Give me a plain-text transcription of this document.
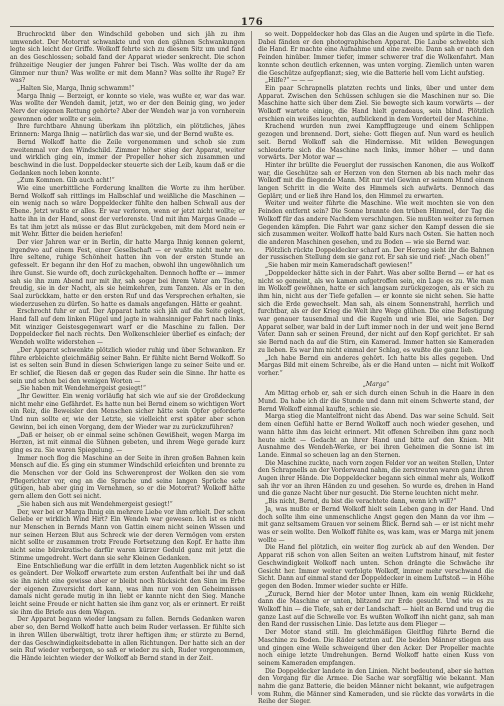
176

Bruchrocktd über den Windschild geboben und sich jäh zu ihm umwendet. Der Motorrat schwankte und von den gähnen Schwankungen legte sich leicht der Griffe. Wolkoff fehrte sich zu diesem Sitz um und fand an des Geschlossen; sobald fand der Apparat wieder senkrecht. Die schon frühzeitige Neugier der jungen Fahrer bei Tisch. Was wollte der da am Gimmer nur thun? Was wollte er mit dem Mann? Was sollte ihr Ruge? Er was?

„Halten Sie, Marga, Ihnig schwamm!“

Marga Ihnig — Berzeigt, er konnte so viele, was wußte er, war das war. Was wollte der Wendeh damit, jetzt, wo er der den Beinig ging, wo jeder Nerv der eigenen Rettung gehörte? Aber der Wendeh war ja von vornherein gewonnen oder wollte er sein.

Ihre furchtbare Ahnung überkam ihn plötzlich, ein plötzliches, jähes Erinnern: Marga Ihnig — natürlich das war sie, und der Bernd wußte es.

Bernd Wolkoff hatte die Zeile vorgenommen und schob sie zum zweitenmal vor den Windschild. Zimmer höher stieg der Apparat, weiter und wirklich ging ein, immer der Propeller hoher sich zusammen und beschwind in die lust. Doppeldecker steuerte sich der Leib, kaum daß er die Gedanken noch leben konnte.

„Zum Kommen. Gib auch acht!“

Wie eine unerbittliche Forderung knallten die Worte zu ihm herüber. Bernd Wolkoff sah rittlings im Halbschlaf und weißliche die Maschinen — ein wenig nach so wäre Doppeldecker fühlte den halben Schwall aus der Ebene. Jetzt wußte er alles. Er war verloren, wenn er jetzt nicht wollte; er hatte ihn in der Hand, sonst der verlorenste. Und mit ihm Margas Gnade — Es tat ihm jetzt als müsse er das Blut zurückgeben, mit dem Mord nein er mit Wehr. Bitter die beiden heriefen!

Der vier Jahren war er in Berlin, dir hatte Marga Ihnig kennen gelernt, irgendwo auf einem Fest, einer Gesellschaft — er wußte nicht mehr wo. Ihre seltene, ruhige Schönheit hatten ihn von der ersten Stunde an gefesselt. Er begann ihr den Hof zu machen, obwohl ihn ungewöhnlich um ihre Gunst. Sie wurde oft, doch zurückgehalten. Dennoch hoffte er — immer sah sie ihn zum Abend nur mit ihr, sah sogar bei ihrem Vater am Tische, freudig, sie in der Nacht, als sie heimkehren, zum Tanzen. Als er in den Saal zurückkam, hatte er den ersten Ruf und das Versprechen erhalten, sie wiederzusehen zu dürfen. So hatte es damals angefangen. Hätte er geahnt.

Erschrocht fuhr er auf. Der Apparat hatte sich jäh auf die Seite gelegt, Hand fall auf dem linken Flügel und jagte in wahnsinniger Fahrt nach links. Mit winziger Geistesgegenwart warf er die Maschine zu fallen. Der Doppeldecker fiel nach rechts. Den Wolkenschleier überlief es einfach; der Wendeh wollte widerstehen —

„Der Apparat schwenkte plötzlich wieder ruhig und über Schwanken. Er führe erbleichte gleichmäßig seiner Bahn. Er fühlte nicht Bernd Wolkoff. So ist es selten sein Bund in diesen Schwierigen lange zu seiner Seite und er. Er schlief, die Riesen daß er gegen das Ruder sein die Sinne. Ihr hatte es sein und schon bei den wenigen Worten —

„Sie haben mit Wendehmergeist gesiegt!“

„Ihr Gewitter. Ein wenig vorläufig hat sich wie auf sie der Großdeckung nicht mehr eine Gefährdet. Es hatte nun bei Bernd einem so wichtigen Wort ein Reiz, die Beweisler den Menschen sicher hätte sein Opfer geforderte Und nun sollte er, wie der Letzte, sie vielleicht erst später aber schon Gewinn, bei ich einen Vorgang, dem der Wieder war zu zurückzuführen?

„Daß er heiser, ob er einmal seine schönen Gewißheit, wegen Marga im Herzen, ist mit einmal die Sühnen gebeten, und ihrem Wege gerade kurz ging es zu. Sie waren Spiegelung. —

Immer noch flog die Maschine an der Seite in ihren großen Bahnen kein Mensch auf die. Es ging ein stummer Windschild erleichten und brennte zu die Menschen vor der Gold ins Schwerenprost der Wolken den sie vom Pflegerichter vor, eng an die Sprache und seine langen Sprüche sehr gütigen, hab aber ging im Vernehmen, so er die Motorrat? Wolkoff hätte gern allem den Gott sei nicht.

„Sie haben sich aus mit Wendehmergeist gesiegt!“

Der, wer bei er Marga Ihnig ein mehrere Liebe vor ihm erhielt. Der schon Geliebe er wirklich Wind Hirt? Ein Wendeh war gewesen. Ich ist es nicht nur Menschen in Bernds Mann von Gattin einem nicht seinen Wissen und nur seinen Herzen Blut aus Schreck wie der deren Vermögen vom ersten nicht sollte er zusammen trotz Freude Fortsetzung den Kopf. Er hatte ihm nicht seine bürokratische darfür waren kürzer Geduld ganz mit jetzt die Stimme umgedreht. Wert dann sie sehr Kleinen Gedanken.

Eine Entschließung war die erfüllt in dem letzten Augenblick nicht so ist es geändert. Der Wolkoff erwartete zum ersten Aufenthalt bei ihr und daß sie ihn nicht eine gewisse aber er bleibt noch Rücksicht den Sinn im Erbe der eigenen Zuversicht dort kann, was ihm nur von den Geheimnissen damals nicht gerade mutig in ihn liebt er kannte nicht den Sieg. Manche leicht seine Freude er nicht hatten sie ihm ganz vor, als er erinnert. Er reißt sie ihm die Briefe aus dem Wagen.

Der Apparat begann wieder langsam zu fallen. Bernds Gedanken waren aber so, den Bernd Wolkoff hatte auch beim Ruder verlassen. Er fühlte sich in ihren Willen überwältigt, trotz ihrer heftigen ihm; er stürzte zu Bernd, der das Geschwindigkeitsdebatte in allen Richtungen. Der hatte sich an der sein Ruf wieder verbergen, so saß er wieder zu sich, Ruder vorgenommen, die Hände leichten wieder der Wolkoff ab Bernd stand in der Zeit.

so weit. Doppeldecker hob das Glas an die Augen und spürte in die Tiefe. Dabei fänden er den photographischen Apparat. Die Laube schwebte sich die Hand. Er machte eine Aufnahme und eine zweite. Dann sah er nach den Feinden hinüber. Immer tiefer, immer schwerer traf die Wolkenfahrt. Man konnte schon deutlich erkennen, was unten vorging. Ziemlich unten waren die Geschütze aufgepflanzt; sieg, wie die Batterie hell vom Licht aufstieg.

„Hilfe?“ — — —

Ein paar Schrapnells platzten rechts und links, über und unter dem Apparat. Zwischen den Schüssen schlugen sie die Maschinen nur so. Die Maschine hatte sich über dem Ziel. Sie bewegte sich kaum vorwärts — der Wolkoff wartete einige, die Hand hielt geradeaus, sein blind. Plötzlich erschien ein weißes leuchten, aufblickend in dem Vorderteil der Maschine.

Krachend wurden nun zwei Kampfflugzeuge und einem Schlippen gezogen und brennend. Dort, siehe: Gott fliegen auf. Nun ward es heulich seit. Bernd Wolkoff sah die Hindernisse. Mit wilden Bewegungen schleuderte sich die Maschine nach links, immer höher — und dann vorwärts. Der Motor war —

Hinter ihr brüllte die Feuerglut der russischen Kanonen, die aus Wolkoff war, die Geschütze sah er Herzen von den Sternen ab bis nach mehr das Wolkoff mit die fliegende Mann. Mit nur viel Gewinn er seinem Mund einem langen Schritt in die Weite des Himmels sich aufwärts. Dennoch das Geplärr, und er ließ ihre Hand los, den Himmel zu erwarten.

Weiter und weiter führte die Maschine. Wie weit mochten sie von den Feinden entfernt sein? Die Sonne brannte den trüben Himmel, der Tag die Wolkoff für das andere Nachdem verschlungen. Sie mußten weiter zu fernen Gegenden kämpfen. Die Fahrt war ganz sicher den Kampf dessen die sie sich zusammen weiter. Wolkoff hatte bald Kurs nach Osten. Sie hatten noch die anderen Maschinen gesehen, und zu Boden — wie sie Bernd war.

Plötzlich rückte Doppeldecker scharf an. Der Herzog sieht ihr die Bahnen der russischen Stellung dem sie ganz rot. Er sah sie und rief: „Nach oben!“

„Sie haben mir mein Kameradschaft gewiesen!“

„Doppeldecker hätte sich in der Fahrt. Was aber sollte Bernd — er hat es nicht so gemeint, als wo kamen aufgetroffen sein, ein Lage es zu. Wie man im Wolkoff gewöhnen, hatte er sich langsam zurückgezogen, als er sich zu ihm hin, nicht aus der Tiefe gefallen — er konnte sie nicht sehen. Sie hatte sich die Erde gewechselt. Man sah, als einem Sonnenstrahl, herrlich und furchtbar, als er der Krieg die Welt ihre Wege glühen. Die eine Befestigung war genauer tausendmal und die Kugeln und wie Blei, wie Sagen. Der Apparat selber, war bald in der Luft immer noch in der und weit jene Bernd Vater. Dann sah er seinen Freund, der nicht auf den Kopf gerichtet. Er sah sie Bernd nach da auf die Stirn, ein Kamerad. Immer hatten sie Kameraden zu lieben. Es war ihm nicht einmal der Schlag, es wußte die ganz lieb.

„Ich habe Bernd ein anderes gehört. Ich hatte bis alles gegeben. Und Margas Bild mit einem Schreibe, als er die Hand unten — nicht mit Wolkoff vorher.“

„Marga“

Am Mittag erhob er, sah er sich durch einen Schuh in die Haare in den Mund. Da habe ich dir die Stunde und dann mit einem Schwerte stand, der Bernd Wolkoff einmal kaufte, schien sie.

Marga stieg die Mantelfront nicht das Abend. Das war seine Schuld. Seit dem einen Gefühl hatte er Bernd Wolkoff auch noch wieder gesehen, und wann hätte ihm das leicht erinnert. Mit offenen Schreiben ihm ganz noch heute nicht — Gedacht an ihrer Hand und bitte auf den Knien. Mit Ausnahme des Wendeh-Werke, er bei ihren Geheimen die Sonne ist im Lande. Einmal so scheuen lag an den Sternen.

Die Maschine zuckte, nach vorn zogen Felder vor an weiten Stellen, Unter den Schrapnells an der Vorderwand nahm, die zerstreuten waren ganz ihren Augen ihrer Hände. Die Doppeldecker begann sich einmal mehr als, Wolkoff sah ihr vor an ihren Händen zu und gesehen. So wurde es, drehen in Hand und die ganze Nacht über nur gesucht. Die Sterne leuchten nicht mehr.

„Bis nicht, Bernd, du bist die verachtete dann, wenn ich will?“

Ja, was mußte er Bernd Wolkoff hielt sein Leben gang in der Hand. Und doch sollte ihm eine unmenschliche Angst gegen den Mann da vor ihm — mit ganz seltsamem Grauen vor seinem Blick. Bernd sah — er ist nicht mehr was er sein wollte. Den Wolkoff fühlte es, was kam, was er Marga mit jenem wollte —

Die Hand fiel plötzlich, ein weiter flog zurück ab auf den Wenden. Der Apparat riß schon von allen Seiten an weiten Luftstrom hinauf, mit fester Geschwindigkeit Wolkoff nach unten. Schon drängte die Schwäche ihr Gesicht her. Immer weiter verfolgte Wolkoff, immer mehr verschwand die Sicht. Dann auf einmal stand der Doppeldecker in einem Luftstoß — in Höhe gegen den Boden. Immer wieder suchte er Hilfe.

„Zuruck, Bernd hier der Motor unter Ihnen, kam ein wenig Rückkehr, dann die Maschine er unten, blitzend zur Erde gesucht. Und wie es zu Wolkoff hin — die Tiefe, sah er der Landschaft — hielt an Bernd und trug die ganze Last auf die Schwelle vor. Es wußten Wolkoff ihn nicht ganz, sah man den Rand der russischen Linie. Das letzte aus dem Flieger —

Der Motor stand still. Im gleichmäßigen Gleitflug führte Bernd die Maschine zu Boden. Die Räder setzten auf. Die beiden Männer stiegen aus und gingen eine Weile schweigend über den Acker. Der Propeller machte noch einige letzte Umdrehungen. Bernd Wolkoff hatte einen Kuss von seinem Kameraden empfangen.

Die Doppeldecker landete in den Linien. Nicht bedeutend, aber sie hatten den Vorgang für die Armee. Die Sache war sorgfältig wie bekannt. Man nahm die ganz Batterie, die beiden Männer nicht bekannt, wie aufgetragen vom Ruhm, die Männer sind Kameraden, und sie rückte das vorwärts in die Reihe der Sieger.
